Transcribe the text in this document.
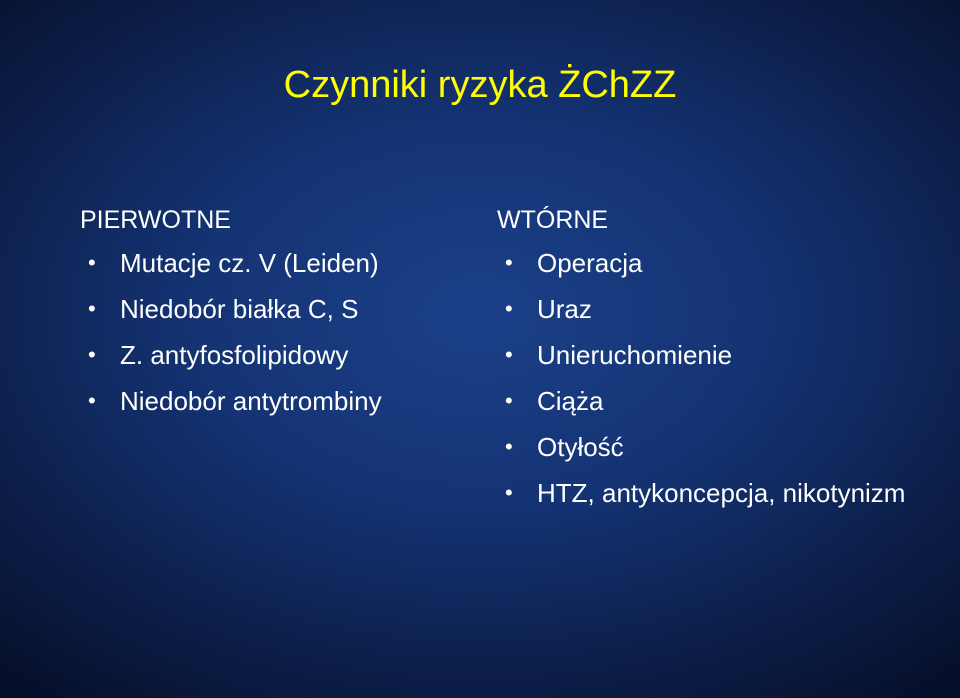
Czynniki ryzyka ŻChZZ
PIERWOTNE
• Mutacje cz. V (Leiden)
• Niedobór białka C, S
• Z. antyfosfolipidowy
• Niedobór antytrombiny
WTÓRNE
• Operacja
• Uraz
• Unieruchomienie
• Ciąża
• Otyłość
• HTZ, antykoncepcja, nikotynizm
